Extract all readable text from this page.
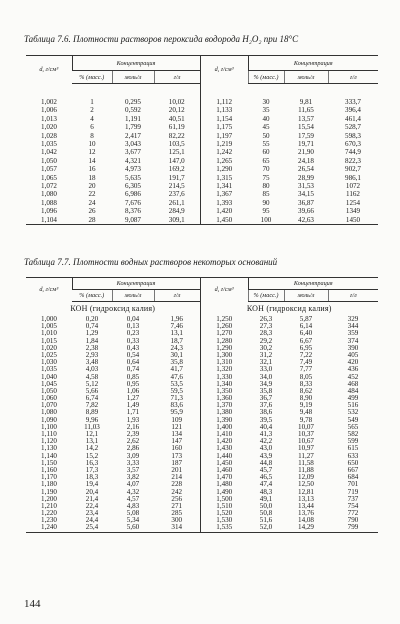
Таблица 7.6. Плотности растворов пероксида водорода H₂O₂ при 18°C
d, г/см³	Концентрация			d, г/см³	Концентрация		
	% (масс.)	моль/л	г/л		% (масс.)	моль/л	г/л

1,002	1	0,295	10,02	1,112	30	9,81	333,7
1,006	2	0,592	20,12	1,133	35	11,65	396,4
1,013	4	1,191	40,51	1,154	40	13,57	461,4
1,020	6	1,799	61,19	1,175	45	15,54	528,7
1,028	8	2,417	82,22	1,197	50	17,59	598,3
1,035	10	3,043	103,5	1,219	55	19,71	670,3
1,042	12	3,677	125,1	1,242	60	21,90	744,9
1,050	14	4,321	147,0	1,265	65	24,18	822,3
1,057	16	4,973	169,2	1,290	70	26,54	902,7
1,065	18	5,635	191,7	1,315	75	28,99	986,1
1,072	20	6,305	214,5	1,341	80	31,53	1072
1,080	22	6,986	237,6	1,367	85	34,15	1162
1,088	24	7,676	261,1	1,393	90	36,87	1254
1,096	26	8,376	284,9	1,420	95	39,66	1349
1,104	28	9,087	309,1	1,450	100	42,63	1450
Таблица 7.7. Плотности водных растворов некоторых оснований
d, г/см³	Концентрация			d, г/см³	Концентрация		
	% (масс.)	моль/л	г/л		% (масс.)	моль/л	г/л
КОН (гидроксид калия)				КОН (гидроксид калия)			
1,000	0,20	0,04	1,96	1,250	26,3	5,87	329
1,005	0,74	0,13	7,46	1,260	27,3	6,14	344
1,010	1,29	0,23	13,1	1,270	28,3	6,40	359
1,015	1,84	0,33	18,7	1,280	29,2	6,67	374
1,020	2,38	0,43	24,3	1,290	30,2	6,95	390
1,025	2,93	0,54	30,1	1,300	31,2	7,22	405
1,030	3,48	0,64	35,8	1,310	32,1	7,49	420
1,035	4,03	0,74	41,7	1,320	33,0	7,77	436
1,040	4,58	0,85	47,6	1,330	34,0	8,05	452
1,045	5,12	0,95	53,5	1,340	34,9	8,33	468
1,050	5,66	1,06	59,5	1,350	35,8	8,62	484
1,060	6,74	1,27	71,3	1,360	36,7	8,90	499
1,070	7,82	1,49	83,6	1,370	37,6	9,19	516
1,080	8,89	1,71	95,9	1,380	38,6	9,48	532
1,090	9,96	1,93	109	1,390	39,5	9,78	549
1,100	11,03	2,16	121	1,400	40,4	10,07	565
1,110	12,1	2,39	134	1,410	41,3	10,37	582
1,120	13,1	2,62	147	1,420	42,2	10,67	599
1,130	14,2	2,86	160	1,430	43,0	10,97	615
1,140	15,2	3,09	173	1,440	43,9	11,27	633
1,150	16,3	3,33	187	1,450	44,8	11,58	650
1,160	17,3	3,57	201	1,460	45,7	11,88	667
1,170	18,3	3,82	214	1,470	46,5	12,09	684
1,180	19,4	4,07	228	1,480	47,4	12,50	701
1,190	20,4	4,32	242	1,490	48,3	12,81	719
1,200	21,4	4,57	256	1,500	49,1	13,13	737
1,210	22,4	4,83	271	1,510	50,0	13,44	754
1,220	23,4	5,08	285	1,520	50,8	13,76	772
1,230	24,4	5,34	300	1,530	51,6	14,08	790
1,240	25,4	5,60	314	1,535	52,0	14,29	799
144
